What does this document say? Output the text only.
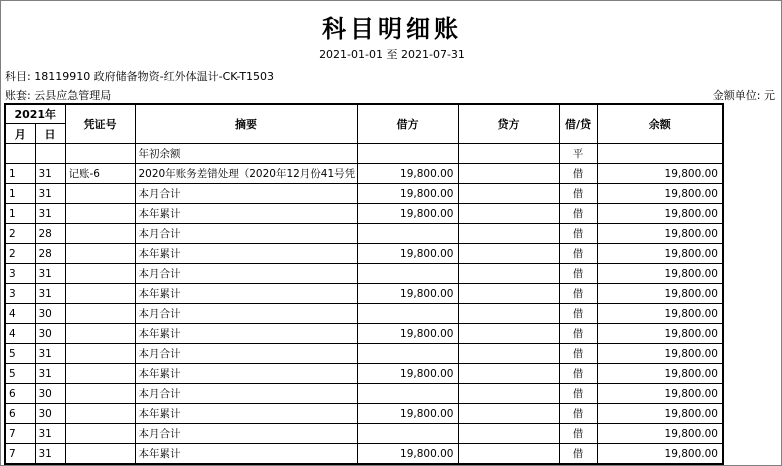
科目明细账
2021-01-01 至 2021-07-31
科目: 18119910 政府储备物资-红外体温计-CK-T1503
账套: 云县应急管理局	金额单位: 元
2021年		凭证号	摘要	借方	贷方	借/贷	余额
月	日						
			年初余额			平	
1	31	记账-6	2020年账务差错处理（2020年12月份41号凭	19,800.00		借	19,800.00
1	31		本月合计	19,800.00		借	19,800.00
1	31		本年累计	19,800.00		借	19,800.00
2	28		本月合计			借	19,800.00
2	28		本年累计	19,800.00		借	19,800.00
3	31		本月合计			借	19,800.00
3	31		本年累计	19,800.00		借	19,800.00
4	30		本月合计			借	19,800.00
4	30		本年累计	19,800.00		借	19,800.00
5	31		本月合计			借	19,800.00
5	31		本年累计	19,800.00		借	19,800.00
6	30		本月合计			借	19,800.00
6	30		本年累计	19,800.00		借	19,800.00
7	31		本月合计			借	19,800.00
7	31		本年累计	19,800.00		借	19,800.00
